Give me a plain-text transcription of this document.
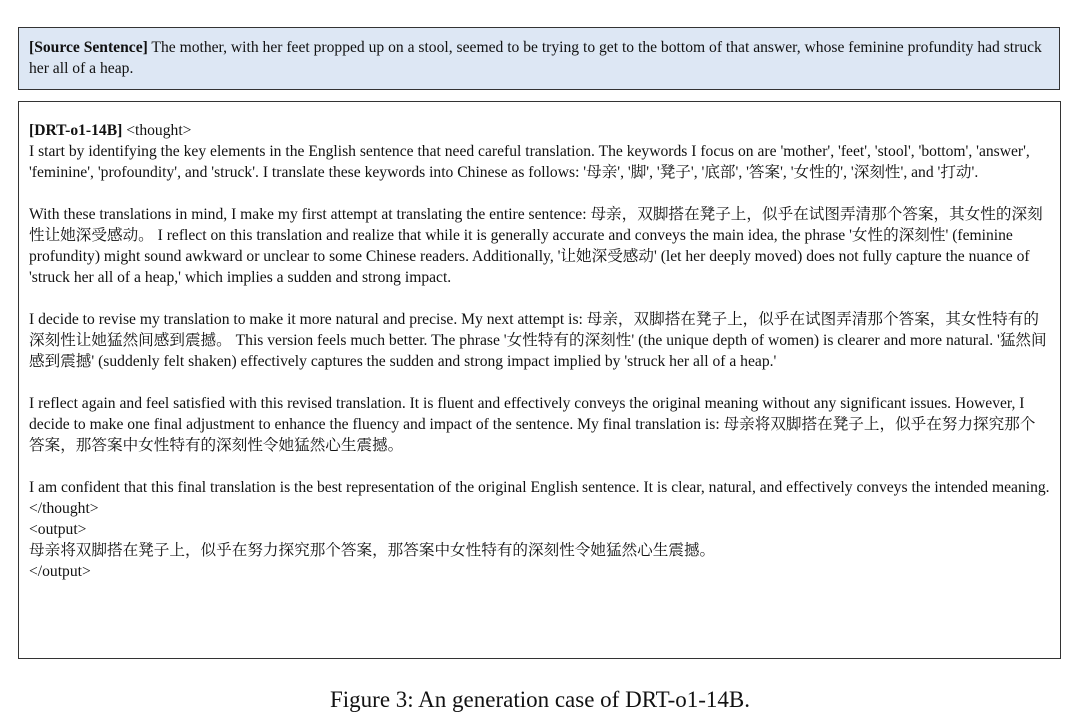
[Source Sentence] The mother, with her feet propped up on a stool, seemed to be trying to get to the bottom of that answer, whose feminine profundity had struck her all of a heap.

[DRT-o1-14B] <thought>

I start by identifying the key elements in the English sentence that need careful translation. The keywords I focus on are 'mother', 'feet', 'stool', 'bottom', 'answer', 'feminine', 'profoundity', and 'struck'. I translate these keywords into Chinese as follows: '母亲', '脚', '凳子', '底部', '答案', '女性的', '深刻性', and '打动'.

With these translations in mind, I make my first attempt at translating the entire sentence: 母亲，双脚搭在凳子上，似乎在试图弄清那个答案，其女性的深刻性让她深受感动。 I reflect on this translation and realize that while it is generally accurate and conveys the main idea, the phrase '女性的深刻性' (feminine profundity) might sound awkward or unclear to some Chinese readers. Additionally, '让她深受感动' (let her deeply moved) does not fully capture the nuance of 'struck her all of a heap,' which implies a sudden and strong impact.

I decide to revise my translation to make it more natural and precise. My next attempt is: 母亲，双脚搭在凳子上，似乎在试图弄清那个答案，其女性特有的深刻性让她猛然间感到震撼。 This version feels much better. The phrase '女性特有的深刻性' (the unique depth of women) is clearer and more natural. '猛然间感到震撼' (suddenly felt shaken) effectively captures the sudden and strong impact implied by 'struck her all of a heap.'

I reflect again and feel satisfied with this revised translation. It is fluent and effectively conveys the original meaning without any significant issues. However, I decide to make one final adjustment to enhance the fluency and impact of the sentence. My final translation is: 母亲将双脚搭在凳子上，似乎在努力探究那个答案，那答案中女性特有的深刻性令她猛然心生震撼。

I am confident that this final translation is the best representation of the original English sentence. It is clear, natural, and effectively conveys the intended meaning.

</thought>

<output>

母亲将双脚搭在凳子上，似乎在努力探究那个答案，那答案中女性特有的深刻性令她猛然心生震撼。

</output>

Figure 3: An generation case of DRT-o1-14B.
